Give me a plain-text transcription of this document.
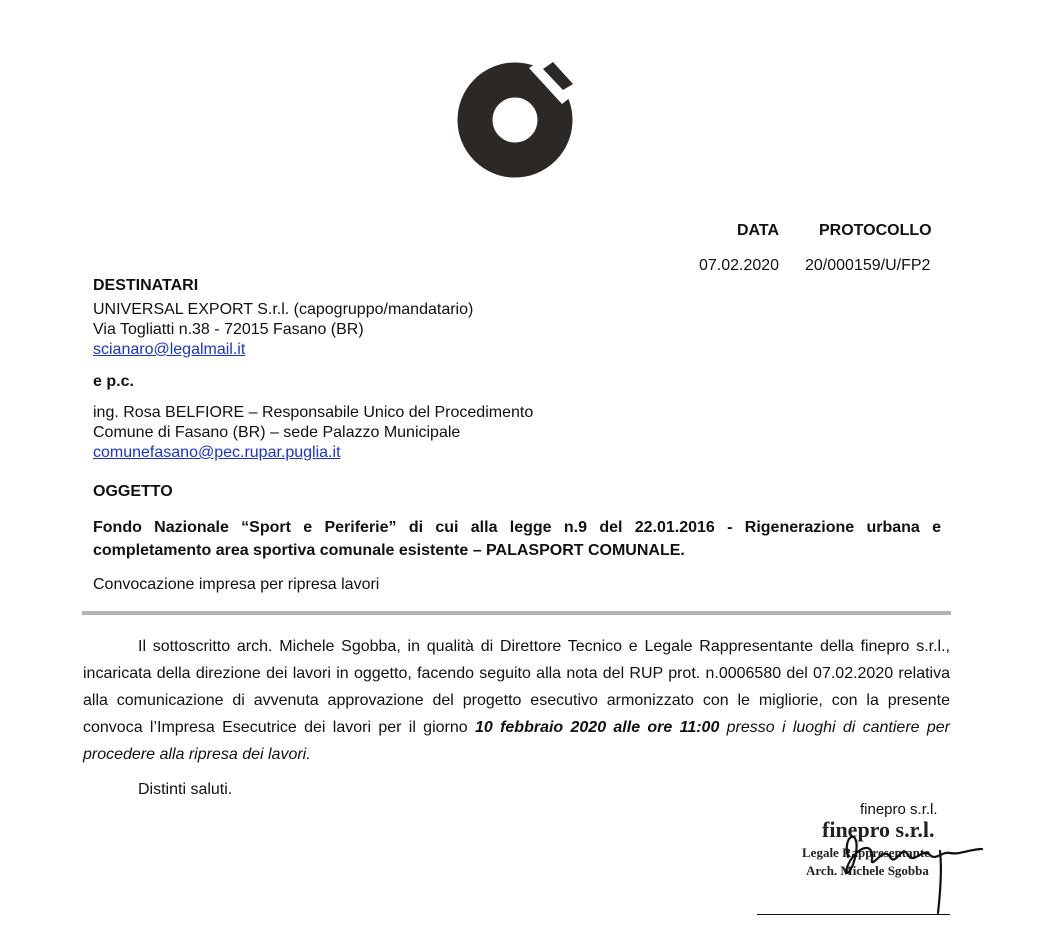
DATA PROTOCOLLO
07.02.2020 20/000159/U/FP2
DESTINATARI
UNIVERSAL EXPORT S.r.l. (capogruppo/mandatario)
Via Togliatti n.38 - 72015 Fasano (BR)
scianaro@legalmail.it
e p.c.
ing. Rosa BELFIORE – Responsabile Unico del Procedimento
Comune di Fasano (BR) – sede Palazzo Municipale
comunefasano@pec.rupar.puglia.it
OGGETTO
Fondo Nazionale “Sport e Periferie” di cui alla legge n.9 del 22.01.2016 - Rigenerazione urbana e completamento area sportiva comunale esistente – PALASPORT COMUNALE.
Convocazione impresa per ripresa lavori
Il sottoscritto arch. Michele Sgobba, in qualità di Direttore Tecnico e Legale Rappresentante della finepro s.r.l., incaricata della direzione dei lavori in oggetto, facendo seguito alla nota del RUP prot. n.0006580 del 07.02.2020 relativa alla comunicazione di avvenuta approvazione del progetto esecutivo armonizzato con le migliorie, con la presente convoca l’Impresa Esecutrice dei lavori per il giorno 10 febbraio 2020 alle ore 11:00 presso i luoghi di cantiere per procedere alla ripresa dei lavori.
Distinti saluti.
finepro s.r.l.
finepro s.r.l.
Legale Rappresentante
Arch. Michele Sgobba
